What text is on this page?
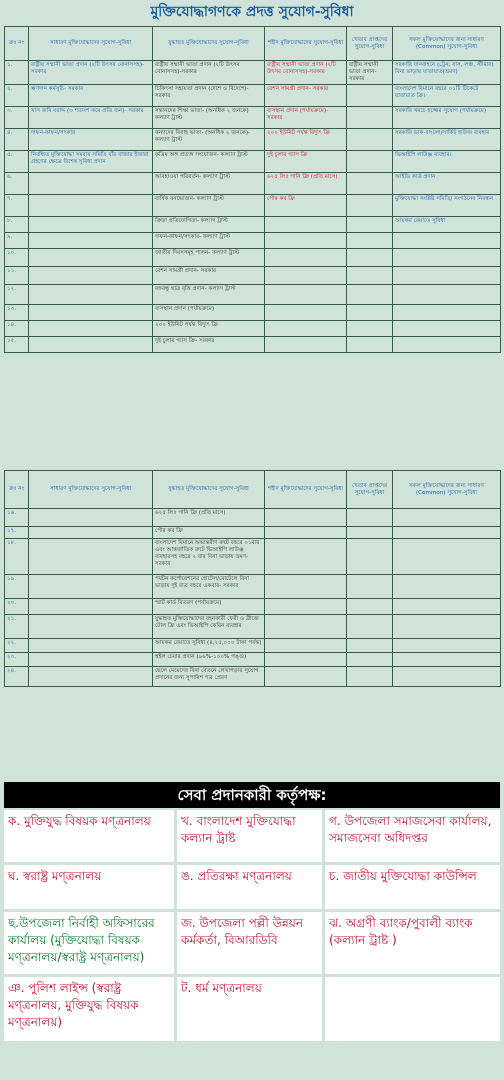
মুক্তিযোদ্ধাগণকে প্রদত্ত সুযোগ-সুবিধা
ক্রঃ নং	সাধারণ মুক্তিযোদ্ধাদের সুযোগ-সুবিধা	যুদ্ধাহত মুক্তিযোদ্ধাদের সুযোগ-সুবিধা	শহীদ মুক্তিযোদ্ধাদের সুযোগ-সুবিধা	খেতাব প্রাপ্তদের সুযোগ-সুবিধা	সকল মুক্তিযোদ্ধাদের জন্য সাধারণ (Common) সুযোগ-সুবিধা
১.	রাষ্ট্রীয় সম্মানী ভাতা প্রদান (২টি উৎসব বোনাসসহ)-সরকার	রাষ্ট্রীয় সম্মানী ভাতা প্রদান (২টি উৎসব বোনাসসহ)-সরকার	রাষ্ট্রীয় সম্মানী ভাতা প্রদান (২টি উৎসব বোনাসসহ)-সরকার	রাষ্ট্রীয় সম্মানী ভাতা প্রদান-সরকার	সরকারি যানবাহনে (ট্রেন, বাস, লঞ্চ, স্টীমার) বিনা ভাড়ায় যাতায়াত(ভ্রমণ)
২.	ঋণদান কর্মসূচি- সরকার	চিকিৎসা সহায়তা প্রদান (দেশে ও বিদেশে)- সরকার	রেশন সামগ্রী প্রদান- সরকার		বাংলাদেশ বিমানে বছরে ০১টি টিকেটে যাতায়াত ফ্রি।
৩.	খাস জমি বরাদ্দ (৩ শতাংশ করে প্রতি জন)- সরকার	সন্তানদের শিক্ষা ভাতা- (অনধিক ২ জনকে) কল্যাণ ট্রাস্ট	বাসস্থান প্রদান (পর্যায়ক্রমে)- সরকার		সরকারি খরচে হজ্জের সুযোগ (পর্যায়ক্রমে)
৪.	দাফন-কাফন/সৎকার	কন্যাদের বিবাহ ভাতা- (অনধিক ২ জনকে)- কল্যাণ ট্রাস্ট	২০০ ইউনিট পর্যন্ত বিদ্যুৎ ফ্রি		সরকারি ডাক-বাংলো/সার্কিট হাউজ ব্যবহার
৫.	নিবন্ধিত মুক্তিযোদ্ধা সমবায় সমিতি যাঁর বাজার ইজারা গ্রহণের ক্ষেত্রে বিশেষ সুবিধা প্রদান	কৃত্রিম অঙ্গ প্রত্যঙ্গ সংযোজন- কল্যাণ ট্রাস্ট	দুই চুলার গ্যাস ফ্রি		ভিআইপি লাউঞ্জ ব্যবহার।
৬.		আবহাওয়া পরিবর্তন- কল্যাণ ট্রাস্ট	৬২৫ লিঃ পানি ফ্রি (প্রতি মাসে)		আইডি কার্ড প্রদান
৭.		বার্ষিক বনভোজন- কল্যাণ ট্রাস্ট	পৌর কর ফ্রি		মুক্তিযোদ্ধা সংশ্লিষ্ট সমিতি/ সংগঠনের নিবন্ধন
৮.		ক্রিড়া প্রতিযোগিতা- কল্যাণ ট্রাস্ট			আয়কর রেয়াতে সুবিধা
৯.		দাফন-কাফন/সৎকার- কল্যাণ ট্রাস্ট			
১০.		জাতীয় দিবসসমূহ পালন- কল্যাণ ট্রাস্ট			
১১.		রেশন সামগ্রী প্রদান- সরকার			
১২.		বঙ্গবন্ধু ছাত্র বৃত্তি প্রদান- কল্যাণ ট্রাস্ট			
১৩.		বাসস্থান প্রদান (পর্যায়ক্রমে)			
১৪.		২০০ ইউনিট পর্যন্ত বিদ্যুৎ ফ্রি			
১৫.		দুই চুলার গ্যাস ফ্রি- সরকার			
ক্রঃ নং	সাধারণ মুক্তিযোদ্ধাদের সুযোগ-সুবিধা	যুদ্ধাহত মুক্তিযোদ্ধাদের সুযোগ-সুবিধা	শহীদ মুক্তিযোদ্ধাদের সুযোগ-সুবিধা	খেতাব প্রাপ্তদের সুযোগ-সুবিধা	সকল মুক্তিযোদ্ধাদের জন্য সাধারণ (Common) সুযোগ-সুবিধা
১৬.		৬২৫ লিঃ পানি ফ্রি (প্রতি মাসে)			
১৭.		পৌর কর ফ্রি			
১৮.		বাংলাদেশ বিমানে অভ্যন্তরীণ রুটে বছরে ০১বার এবং আন্তর্জাতিক রুটে ভিআইপি লাউঞ্জ ব্যবহারসহ বছরে ২ বার বিনা ভাড়ায় ভ্রমণ- সরকার			
১৯.		পর্যটন কর্পোরেশনের হোটেল/মোটেলে বিনা ভাড়ায় দুই রাত্র বছরে একবার- সরকার			
২০.		স্মার্ট কার্ড বিতরণ (পর্যায়ক্রমে)			
২১.		যুদ্ধাহত মুক্তিযোদ্ধাদের বহনকারী ফেরী ও ব্রীজে টোল ফ্রি এবং ভিআইপি কেবিন ব্যবহার			
২২.		আয়কর রেয়াতে সুবিধা (৪,২৫,০০০ টাকা পর্যন্ত)			
২৩.		হুইল চেয়ার প্রদান (৯৬%-১০০% পঙ্গু)			
২৪.		ছেলে মেয়েদের বিনা বেতনে লেখাপড়ার সুযোগ প্রদানের জন্য সুপারিশ পত্র প্রেরণ			
সেবা প্রদানকারী কর্তৃপক্ষ:
ক. মুক্তিযুদ্ধ বিষয়ক মণ্ত্রনালয়	খ. বাংলাদেশ মুক্তিযোদ্ধা কল্যান ট্রাষ্ট
গ. উপজেলা সমাজসেবা কার্যালয়, সমাজসেবা অধিদপ্তর
ঘ. স্বরাষ্ট্র মণ্ত্রনালয়	ঙ. প্রতিরক্ষা মণ্ত্রনালয়	চ. জাতীয় মুক্তিযোদ্ধা কাউন্সিল
ছ.উপজেলা নির্বাহী অফিসারের কার্যালয় (মুক্তিযোদ্ধা বিষয়ক মণ্ত্রনালয়/স্বরাষ্ট্র মণ্ত্রনালয়)
জ. উপজেলা পল্লী উন্নয়ন কর্মকর্তা, বিআরডিবি
ঝ. অগ্রণী ব্যাংক/পুবালী ব্যাংক (কল্যান ট্রাষ্ট )
ঞ. পুলিশ লাইন্স (স্বরাষ্ট্র মণ্ত্রনালয়, মুক্তিযুদ্ধ বিষয়ক মণ্ত্রনালয়)
ট. ধর্ম মণ্ত্রনালয়
